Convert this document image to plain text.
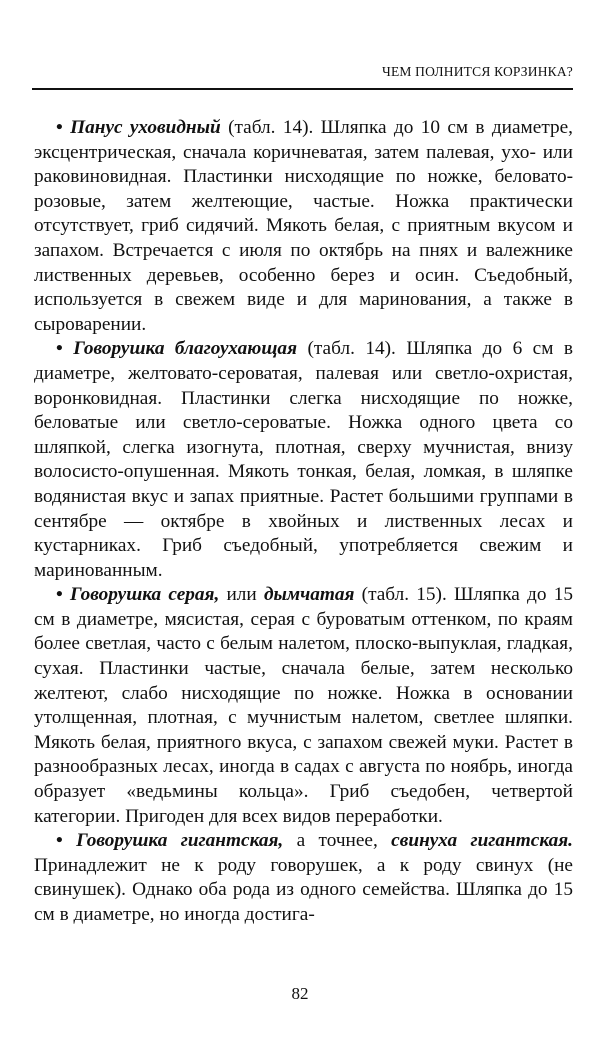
ЧЕМ ПОЛНИТСЯ КОРЗИНКА?

• Панус уховидный (табл. 14). Шляпка до 10 см в диаметре, эксцентрическая, сначала коричневатая, затем палевая, ухо- или раковиновидная. Пластинки нисходящие по ножке, беловато-розовые, затем желтеющие, частые. Ножка практически отсутствует, гриб сидячий. Мякоть белая, с приятным вкусом и запахом. Встречается с июля по октябрь на пнях и валежнике лиственных деревьев, особенно берез и осин. Съедобный, используется в свежем виде и для маринования, а также в сыроварении.

• Говорушка благоухающая (табл. 14). Шляпка до 6 см в диаметре, желтовато-сероватая, палевая или светло-охристая, воронковидная. Пластинки слегка нисходящие по ножке, беловатые или светло-сероватые. Ножка одного цвета со шляпкой, слегка изогнута, плотная, сверху мучнистая, внизу волосисто-опушенная. Мякоть тонкая, белая, ломкая, в шляпке водянистая вкус и запах приятные. Растет большими группами в сентябре — октябре в хвойных и лиственных лесах и кустарниках. Гриб съедобный, употребляется свежим и маринованным.

• Говорушка серая, или дымчатая (табл. 15). Шляпка до 15 см в диаметре, мясистая, серая с буроватым оттенком, по краям более светлая, часто с белым налетом, плоско-выпуклая, гладкая, сухая. Пластинки частые, сначала белые, затем несколько желтеют, слабо нисходящие по ножке. Ножка в основании утолщенная, плотная, с мучнистым налетом, светлее шляпки. Мякоть белая, приятного вкуса, с запахом свежей муки. Растет в разнообразных лесах, иногда в садах с августа по ноябрь, иногда образует «ведьмины кольца». Гриб съедобен, четвертой категории. Пригоден для всех видов переработки.

• Говорушка гигантская, а точнее, свинуха гигантская. Принадлежит не к роду говорушек, а к роду свинух (не свинушек). Однако оба рода из одного семейства. Шляпка до 15 см в диаметре, но иногда достига-

82
